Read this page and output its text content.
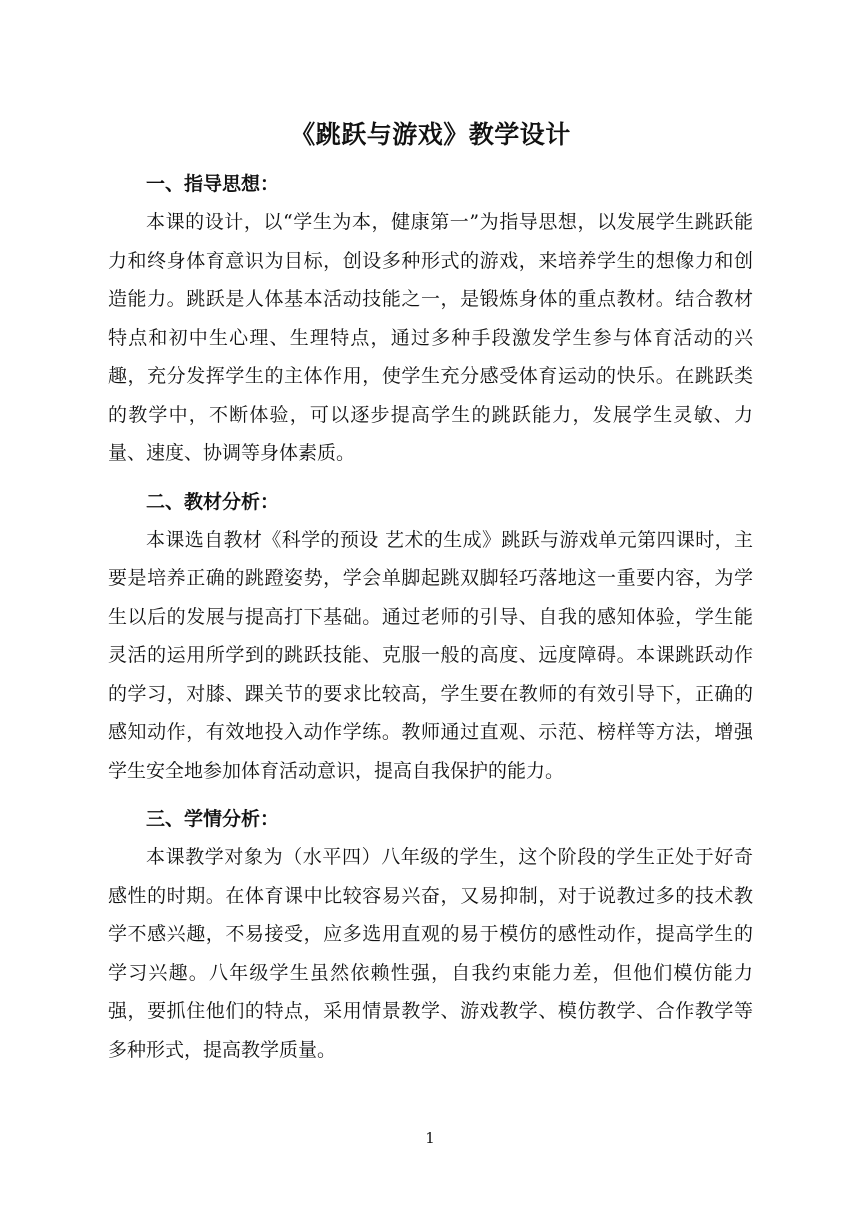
《跳跃与游戏》教学设计
一、指导思想：

本课的设计，以“学生为本，健康第一”为指导思想，以发展学生跳跃能力和终身体育意识为目标，创设多种形式的游戏，来培养学生的想像力和创造能力。跳跃是人体基本活动技能之一，是锻炼身体的重点教材。结合教材特点和初中生心理、生理特点，通过多种手段激发学生参与体育活动的兴趣，充分发挥学生的主体作用，使学生充分感受体育运动的快乐。在跳跃类的教学中，不断体验，可以逐步提高学生的跳跃能力，发展学生灵敏、力量、速度、协调等身体素质。

二、教材分析：

本课选自教材《科学的预设 艺术的生成》跳跃与游戏单元第四课时，主要是培养正确的跳蹬姿势，学会单脚起跳双脚轻巧落地这一重要内容，为学生以后的发展与提高打下基础。通过老师的引导、自我的感知体验，学生能灵活的运用所学到的跳跃技能、克服一般的高度、远度障碍。本课跳跃动作的学习，对膝、踝关节的要求比较高，学生要在教师的有效引导下，正确的感知动作，有效地投入动作学练。教师通过直观、示范、榜样等方法，增强学生安全地参加体育活动意识，提高自我保护的能力。

三、学情分析：

本课教学对象为（水平四）八年级的学生，这个阶段的学生正处于好奇感性的时期。在体育课中比较容易兴奋，又易抑制，对于说教过多的技术教学不感兴趣，不易接受，应多选用直观的易于模仿的感性动作，提高学生的学习兴趣。八年级学生虽然依赖性强，自我约束能力差，但他们模仿能力强，要抓住他们的特点，采用情景教学、游戏教学、模仿教学、合作教学等多种形式，提高教学质量。

1
